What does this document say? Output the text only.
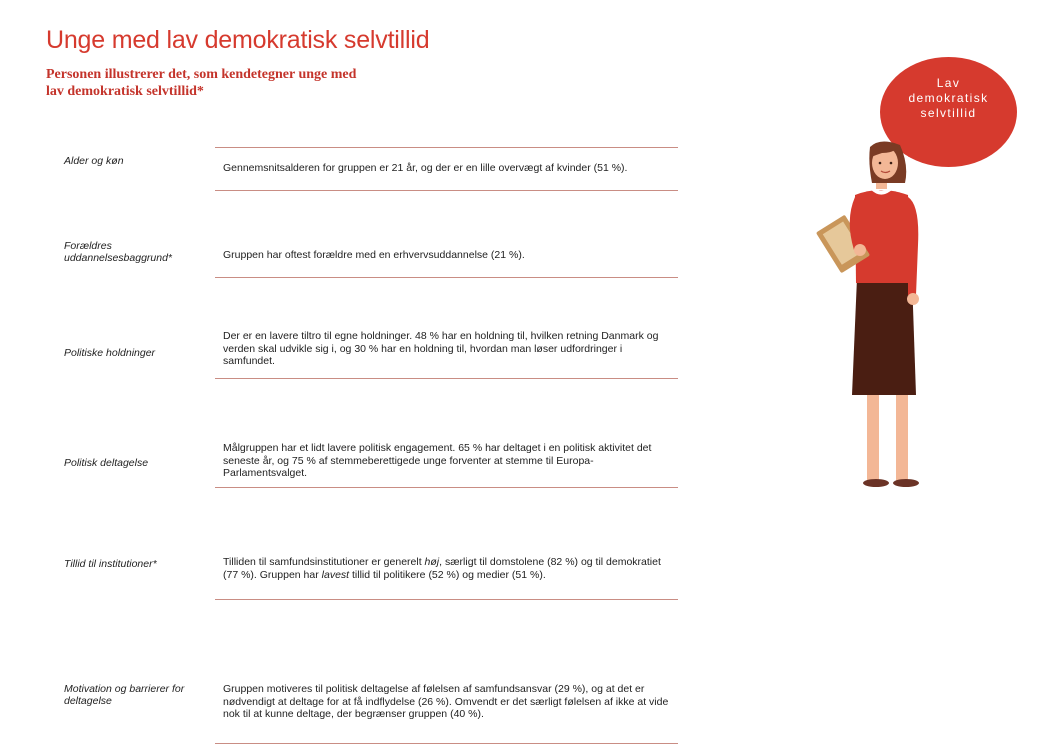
Unge med lav demokratisk selvtillid

Personen illustrerer det, som kendetegner unge med lav demokratisk selvtillid*

Alder og køn
Gennemsnitsalderen for gruppen er 21 år, og der er en lille overvægt af kvinder (51 %).
Forældres uddannelsesbaggrund*	Gruppen har oftest forældre med en erhvervsuddannelse (21 %).
Politiske holdninger
Der er en lavere tiltro til egne holdninger. 48 % har en holdning til, hvilken retning Danmark og verden skal udvikle sig i, og 30 % har en holdning til, hvordan man løser udfordringer i samfundet.
Politisk deltagelse
Målgruppen har et lidt lavere politisk engagement. 65 % har deltaget i en politisk aktivitet det seneste år, og 75 % af stemmeberettigede unge forventer at stemme til Europa-Parlamentsvalget.
Tillid til institutioner*	Tilliden til samfundsinstitutioner er generelt høj, særligt til domstolene (82 %) og til demokratiet (77 %). Gruppen har lavest tillid til politikere (52 %) og medier (51 %).
Motivation og barrierer for deltagelse
Gruppen motiveres til politisk deltagelse af følelsen af samfundsansvar (29 %), og at det er nødvendigt at deltage for at få indflydelse (26 %). Omvendt er det særligt følelsen af ikke at vide nok til at kunne deltage, der begrænser gruppen (40 %).
Lav
demokratisk
selvtillid
